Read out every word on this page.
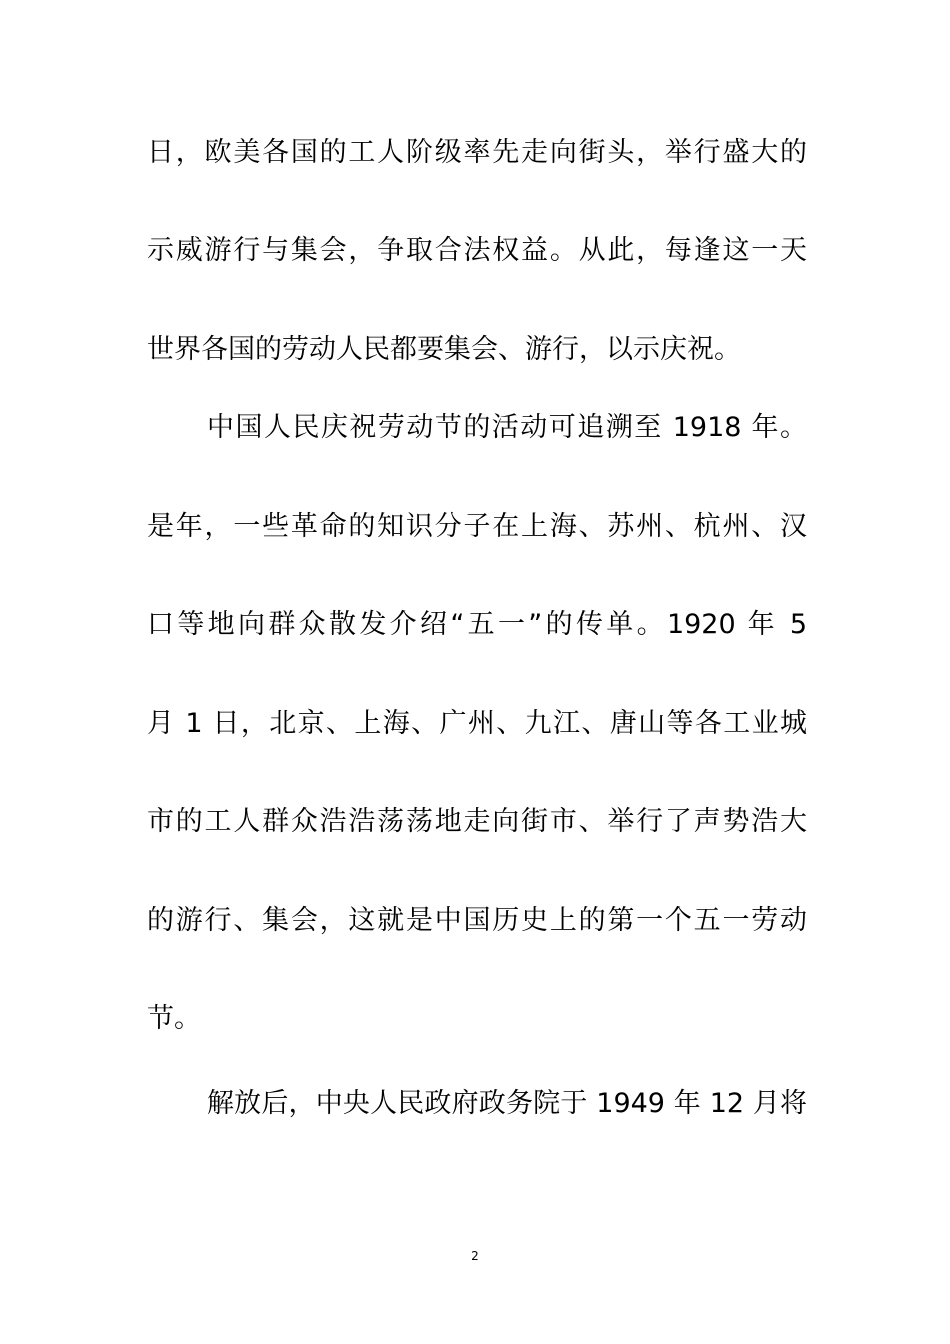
日，欧美各国的工人阶级率先走向街头，举行盛大的
示威游行与集会，争取合法权益。从此，每逢这一天
世界各国的劳动人民都要集会、游行，以示庆祝。
中国人民庆祝劳动节的活动可追溯至 1918 年。
是年，一些革命的知识分子在上海、苏州、杭州、汉
口等地向群众散发介绍“五一”的传单。1920 年 5
月 1 日，北京、上海、广州、九江、唐山等各工业城
市的工人群众浩浩荡荡地走向街市、举行了声势浩大
的游行、集会，这就是中国历史上的第一个五一劳动
节。
解放后，中央人民政府政务院于 1949 年 12 月将
2
